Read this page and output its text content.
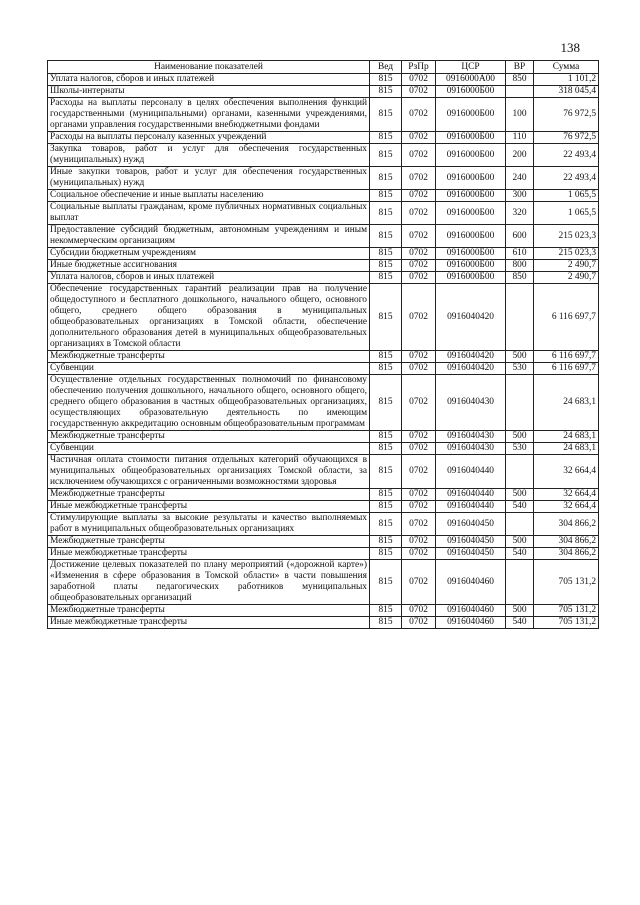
138
Наименование показателей	Вед	РзПр	ЦСР	ВР	Сумма
Уплата налогов, сборов и иных платежей	815	0702	0916000А00	850	1 101,2
Школы-интернаты	815	0702	0916000Б00		318 045,4
Расходы на выплаты персоналу в целях обеспечения выполнения функций государственными (муниципальными) органами, казенными учреждениями, органами управления государственными внебюджетными фондами	815	0702	0916000Б00	100	76 972,5
Расходы на выплаты персоналу казенных учреждений	815	0702	0916000Б00	110	76 972,5
Закупка товаров, работ и услуг для обеспечения государственных (муниципальных) нужд	815	0702	0916000Б00	200	22 493,4
Иные закупки товаров, работ и услуг для обеспечения государственных (муниципальных) нужд	815	0702	0916000Б00	240	22 493,4
Социальное обеспечение и иные выплаты населению	815	0702	0916000Б00	300	1 065,5
Социальные выплаты гражданам, кроме публичных нормативных социальных выплат	815	0702	0916000Б00	320	1 065,5
Предоставление субсидий бюджетным, автономным учреждениям и иным некоммерческим организациям	815	0702	0916000Б00	600	215 023,3
Субсидии бюджетным учреждениям	815	0702	0916000Б00	610	215 023,3
Иные бюджетные ассигнования	815	0702	0916000Б00	800	2 490,7
Уплата налогов, сборов и иных платежей	815	0702	0916000Б00	850	2 490,7
Обеспечение государственных гарантий реализации прав на получение общедоступного и бесплатного дошкольного, начального общего, основного общего, среднего общего образования в муниципальных общеобразовательных организациях в Томской области, обеспечение дополнительного образования детей в муниципальных общеобразовательных организациях в Томской области	815	0702	0916040420		6 116 697,7
Межбюджетные трансферты	815	0702	0916040420	500	6 116 697,7
Субвенции	815	0702	0916040420	530	6 116 697,7
Осуществление отдельных государственных полномочий по финансовому обеспечению получения дошкольного, начального общего, основного общего, среднего общего образования в частных общеобразовательных организациях, осуществляющих образовательную деятельность по имеющим государственную аккредитацию основным общеобразовательным программам	815	0702	0916040430		24 683,1
Межбюджетные трансферты	815	0702	0916040430	500	24 683,1
Субвенции	815	0702	0916040430	530	24 683,1
Частичная оплата стоимости питания отдельных категорий обучающихся в муниципальных общеобразовательных организациях Томской области, за исключением обучающихся с ограниченными возможностями здоровья	815	0702	0916040440		32 664,4
Межбюджетные трансферты	815	0702	0916040440	500	32 664,4
Иные межбюджетные трансферты	815	0702	0916040440	540	32 664,4
Стимулирующие выплаты за высокие результаты и качество выполняемых работ в муниципальных общеобразовательных организациях	815	0702	0916040450		304 866,2
Межбюджетные трансферты	815	0702	0916040450	500	304 866,2
Иные межбюджетные трансферты	815	0702	0916040450	540	304 866,2
Достижение целевых показателей по плану мероприятий («дорожной карте») «Изменения в сфере образования в Томской области» в части повышения заработной платы педагогических работников муниципальных общеобразовательных организаций	815	0702	0916040460		705 131,2
Межбюджетные трансферты	815	0702	0916040460	500	705 131,2
Иные межбюджетные трансферты	815	0702	0916040460	540	705 131,2
